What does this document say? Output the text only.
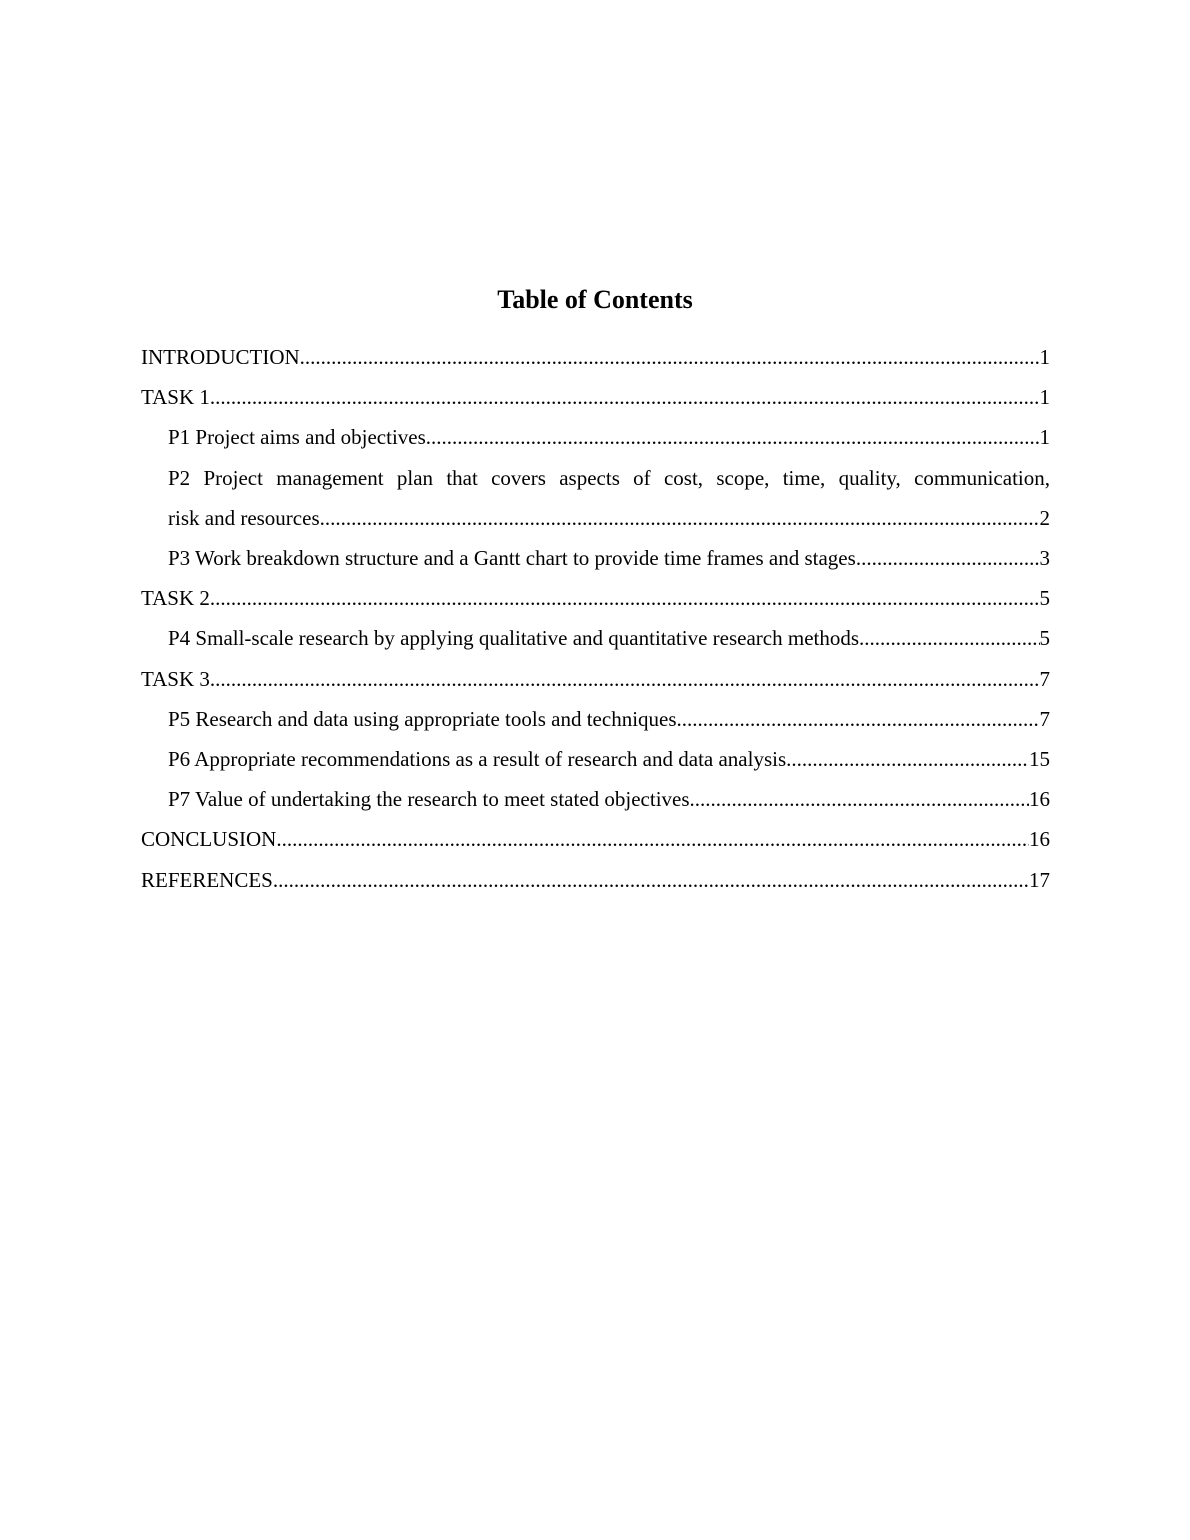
Table of Contents
INTRODUCTION .....	1
TASK 1 .....	1
P1 Project aims and objectives .....	1
P2 Project management plan that covers aspects of cost, scope, time, quality, communication,
risk and resources .....	2
P3 Work breakdown structure and a Gantt chart to provide time frames and stages .....	3
TASK 2 .....	5
P4 Small-scale research by applying qualitative and quantitative research methods .....	5
TASK 3 .....	7
P5 Research and data using appropriate tools and techniques .....	7
P6 Appropriate recommendations as a result of research and data analysis .....	15
P7 Value of undertaking the research to meet stated objectives .....	16
CONCLUSION .....	16
REFERENCES .....	17
